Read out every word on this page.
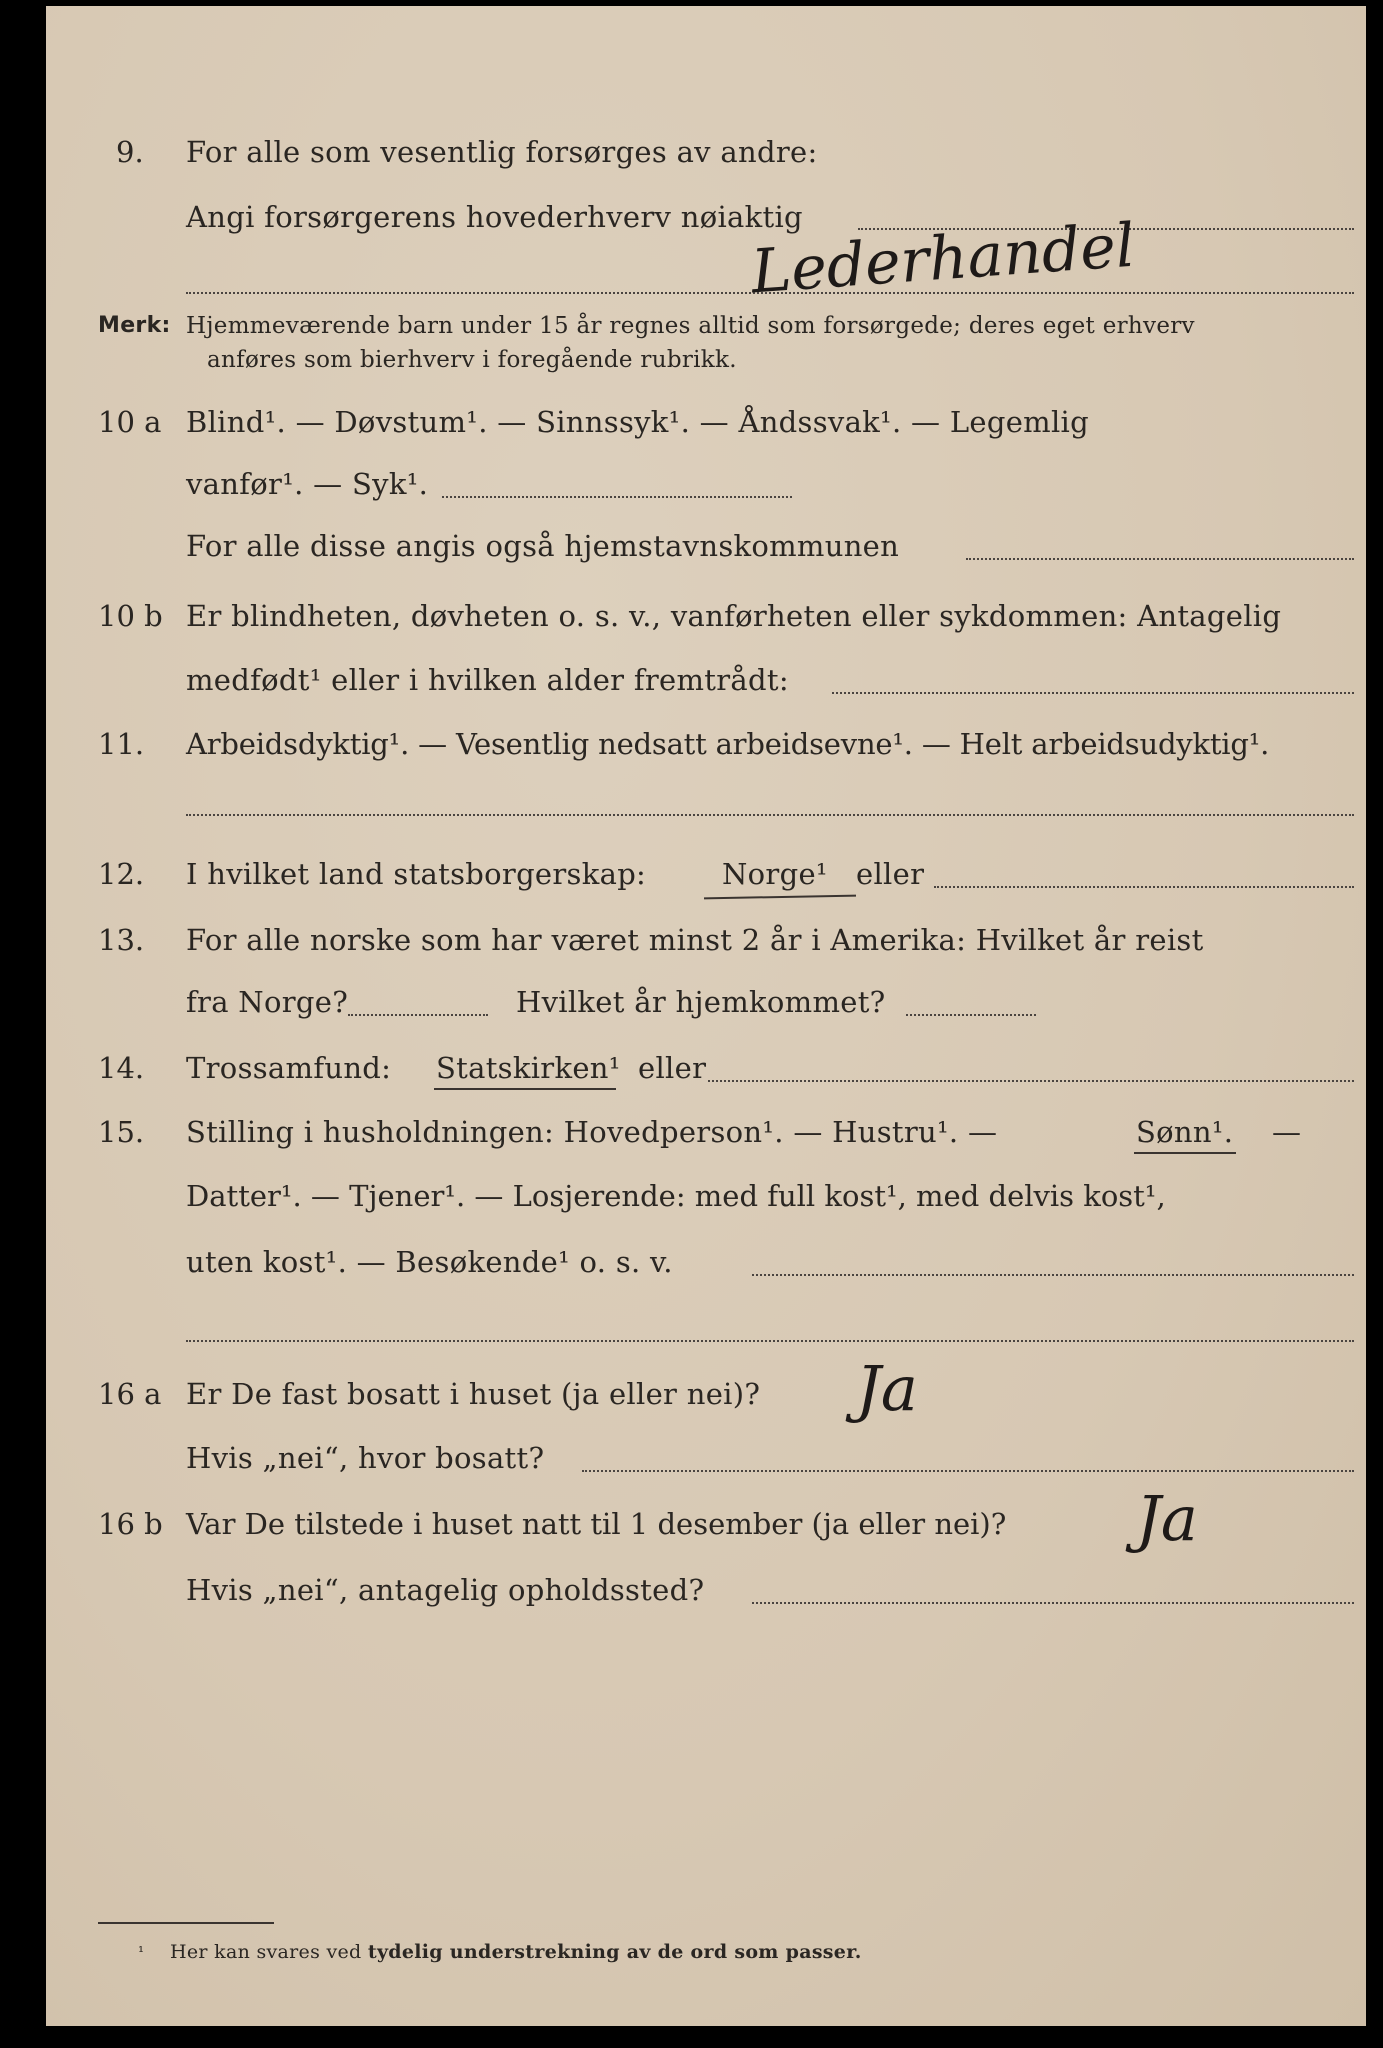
9. For alle som vesentlig forsørges av andre:
Angi forsørgerens hovederhverv nøiaktig
Lederhandel
Merk: Hjemmeværende barn under 15 år regnes alltid som forsørgede; deres eget erhverv
anføres som bierhverv i foregående rubrikk.
10 a Blind¹. — Døvstum¹. — Sinnssyk¹. — Åndssvak¹. — Legemlig
vanfør¹. — Syk¹.
For alle disse angis også hjemstavnskommunen
10 b Er blindheten, døvheten o. s. v., vanførheten eller sykdommen: Antagelig
medfødt¹ eller i hvilken alder fremtrådt:
11. Arbeidsdyktig¹. — Vesentlig nedsatt arbeidsevne¹. — Helt arbeidsudyktig¹.
12. I hvilket land statsborgerskap:	Norge¹ eller
13. For alle norske som har været minst 2 år i Amerika: Hvilket år reist
fra Norge?	Hvilket år hjemkommet?
14. Trossamfund: Statskirken¹ eller
15. Stilling i husholdningen: Hovedperson¹. — Hustru¹. —	Sønn¹. —
Datter¹. — Tjener¹. — Losjerende: med full kost¹, med delvis kost¹,
uten kost¹. — Besøkende¹ o. s. v.
16 a Er De fast bosatt i huset (ja eller nei)? Ja
Hvis „nei“, hvor bosatt?
16 b Var De tilstede i huset natt til 1 desember (ja eller nei)? Ja
Hvis „nei“, antagelig opholdssted?
¹ Her kan svares ved tydelig understrekning av de ord som passer.
